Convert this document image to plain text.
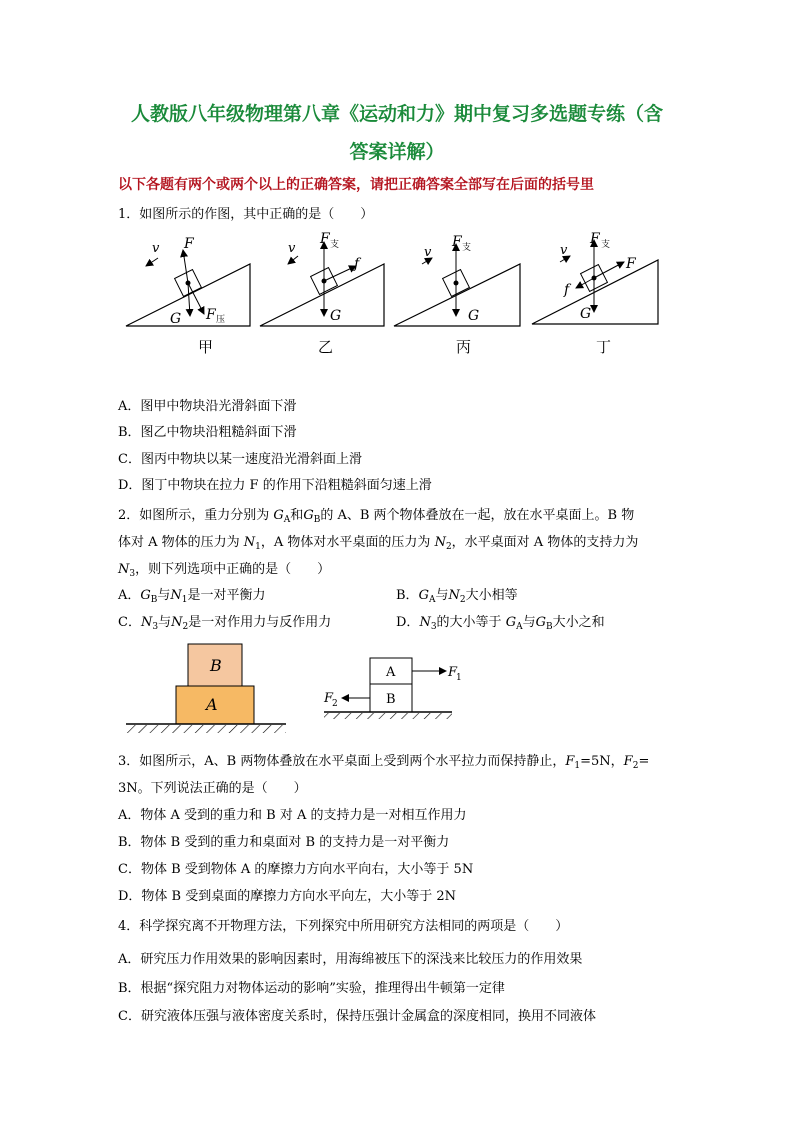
人教版八年级物理第八章《运动和力》期中复习多选题专练（含
答案详解）
以下各题有两个或两个以上的正确答案，请把正确答案全部写在后面的括号里
1．如图所示的作图，其中正确的是（　　）
v F
G F 压
甲
v
F 支
f
G
乙
v
F 支
G
丙
v
F 支
F
f
G
丁
A．图甲中物块沿光滑斜面下滑
B．图乙中物块沿粗糙斜面下滑
C．图丙中物块以某一速度沿光滑斜面上滑
D．图丁中物块在拉力 F 的作用下沿粗糙斜面匀速上滑
2．如图所示，重力分别为 $G_A$和$G_B$的 A、B 两个物体叠放在一起，放在水平桌面上。B 物
体对 A 物体的压力为 $N_1$，A 物体对水平桌面的压力为 $N_2$，水平桌面对 A 物体的支持力为
$N_3$，则下列选项中正确的是（　　）
A．$G_B$与$N_1$是一对平衡力	B．$G_A$与$N_2$大小相等
C．$N_3$与$N_2$是一对作用力与反作用力	D．$N_3$的大小等于 $G_A$与$G_B$大小之和
B
A
A
B
F
1
F
2
3．如图所示，A、B 两物体叠放在水平桌面上受到两个水平拉力而保持静止，$F_1=5N$，$F_2=$
3N。下列说法正确的是（　　）
A．物体 A 受到的重力和 B 对 A 的支持力是一对相互作用力
B．物体 B 受到的重力和桌面对 B 的支持力是一对平衡力
C．物体 B 受到物体 A 的摩擦力方向水平向右，大小等于 5N
D．物体 B 受到桌面的摩擦力方向水平向左，大小等于 2N
4．科学探究离不开物理方法，下列探究中所用研究方法相同的两项是（　　）
A．研究压力作用效果的影响因素时，用海绵被压下的深浅来比较压力的作用效果
B．根据“探究阻力对物体运动的影响”实验，推理得出牛顿第一定律
C．研究液体压强与液体密度关系时，保持压强计金属盒的深度相同，换用不同液体
